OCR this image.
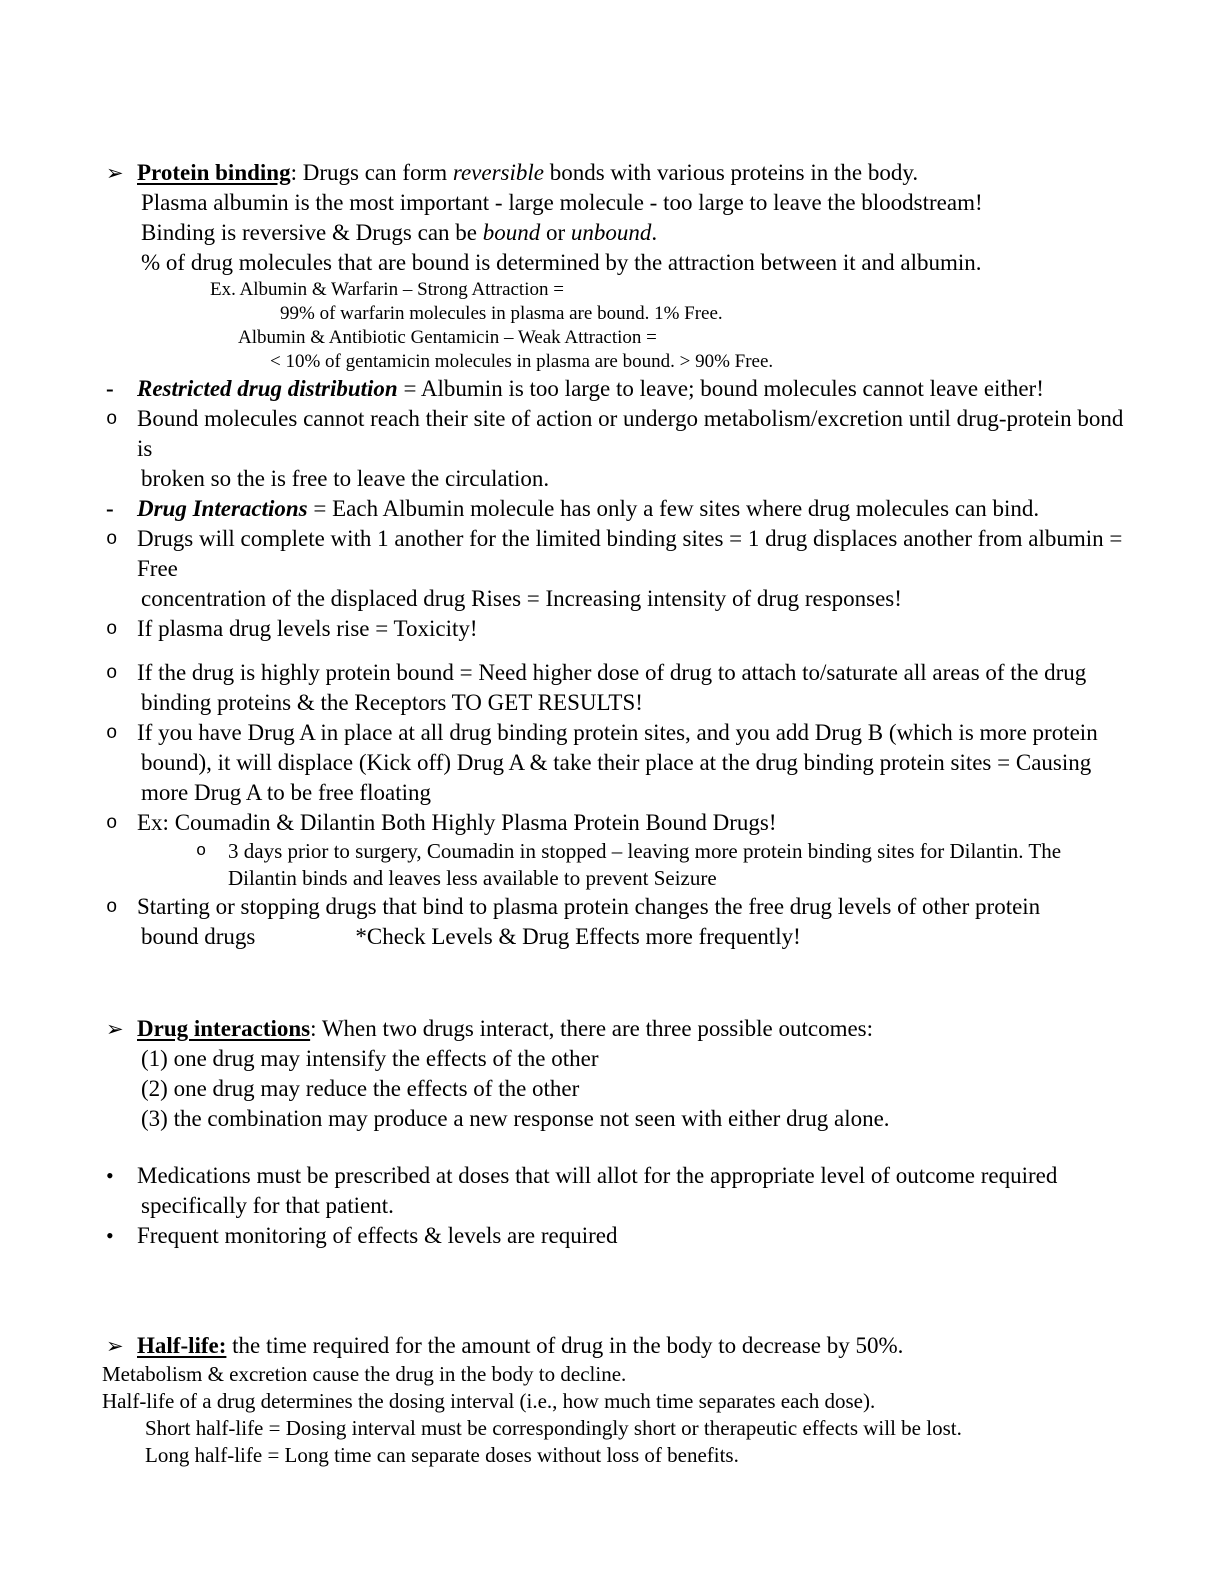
➢ Protein binding: Drugs can form reversible bonds with various proteins in the body.
Plasma albumin is the most important - large molecule - too large to leave the bloodstream!
Binding is reversive & Drugs can be bound or unbound.
% of drug molecules that are bound is determined by the attraction between it and albumin.
Ex. Albumin & Warfarin – Strong Attraction =
99% of warfarin molecules in plasma are bound. 1% Free.
Albumin & Antibiotic Gentamicin – Weak Attraction =
< 10% of gentamicin molecules in plasma are bound. > 90% Free.
-	Restricted drug distribution = Albumin is too large to leave; bound molecules cannot leave either!
o Bound molecules cannot reach their site of action or undergo metabolism/excretion until drug-protein bond is
broken so the is free to leave the circulation.
-	Drug Interactions = Each Albumin molecule has only a few sites where drug molecules can bind.
o Drugs will complete with 1 another for the limited binding sites = 1 drug displaces another from albumin = Free
concentration of the displaced drug Rises = Increasing intensity of drug responses!
o If plasma drug levels rise = Toxicity!
o If the drug is highly protein bound = Need higher dose of drug to attach to/saturate all areas of the drug
binding proteins & the Receptors TO GET RESULTS!
o If you have Drug A in place at all drug binding protein sites, and you add Drug B (which is more protein
bound), it will displace (Kick off) Drug A & take their place at the drug binding protein sites = Causing
more Drug A to be free floating
o Ex: Coumadin & Dilantin Both Highly Plasma Protein Bound Drugs!
o	3 days prior to surgery, Coumadin in stopped – leaving more protein binding sites for Dilantin. The
Dilantin binds and leaves less available to prevent Seizure
o Starting or stopping drugs that bind to plasma protein changes the free drug levels of other protein
bound drugs	*Check Levels & Drug Effects more frequently!
➢ Drug interactions: When two drugs interact, there are three possible outcomes:
(1) one drug may intensify the effects of the other
(2) one drug may reduce the effects of the other
(3) the combination may produce a new response not seen with either drug alone.
•	Medications must be prescribed at doses that will allot for the appropriate level of outcome required
specifically for that patient.
•	Frequent monitoring of effects & levels are required
➢ Half-life: the time required for the amount of drug in the body to decrease by 50%.
Metabolism & excretion cause the drug in the body to decline.
Half-life of a drug determines the dosing interval (i.e., how much time separates each dose).
Short half-life = Dosing interval must be correspondingly short or therapeutic effects will be lost.
Long half-life = Long time can separate doses without loss of benefits.
